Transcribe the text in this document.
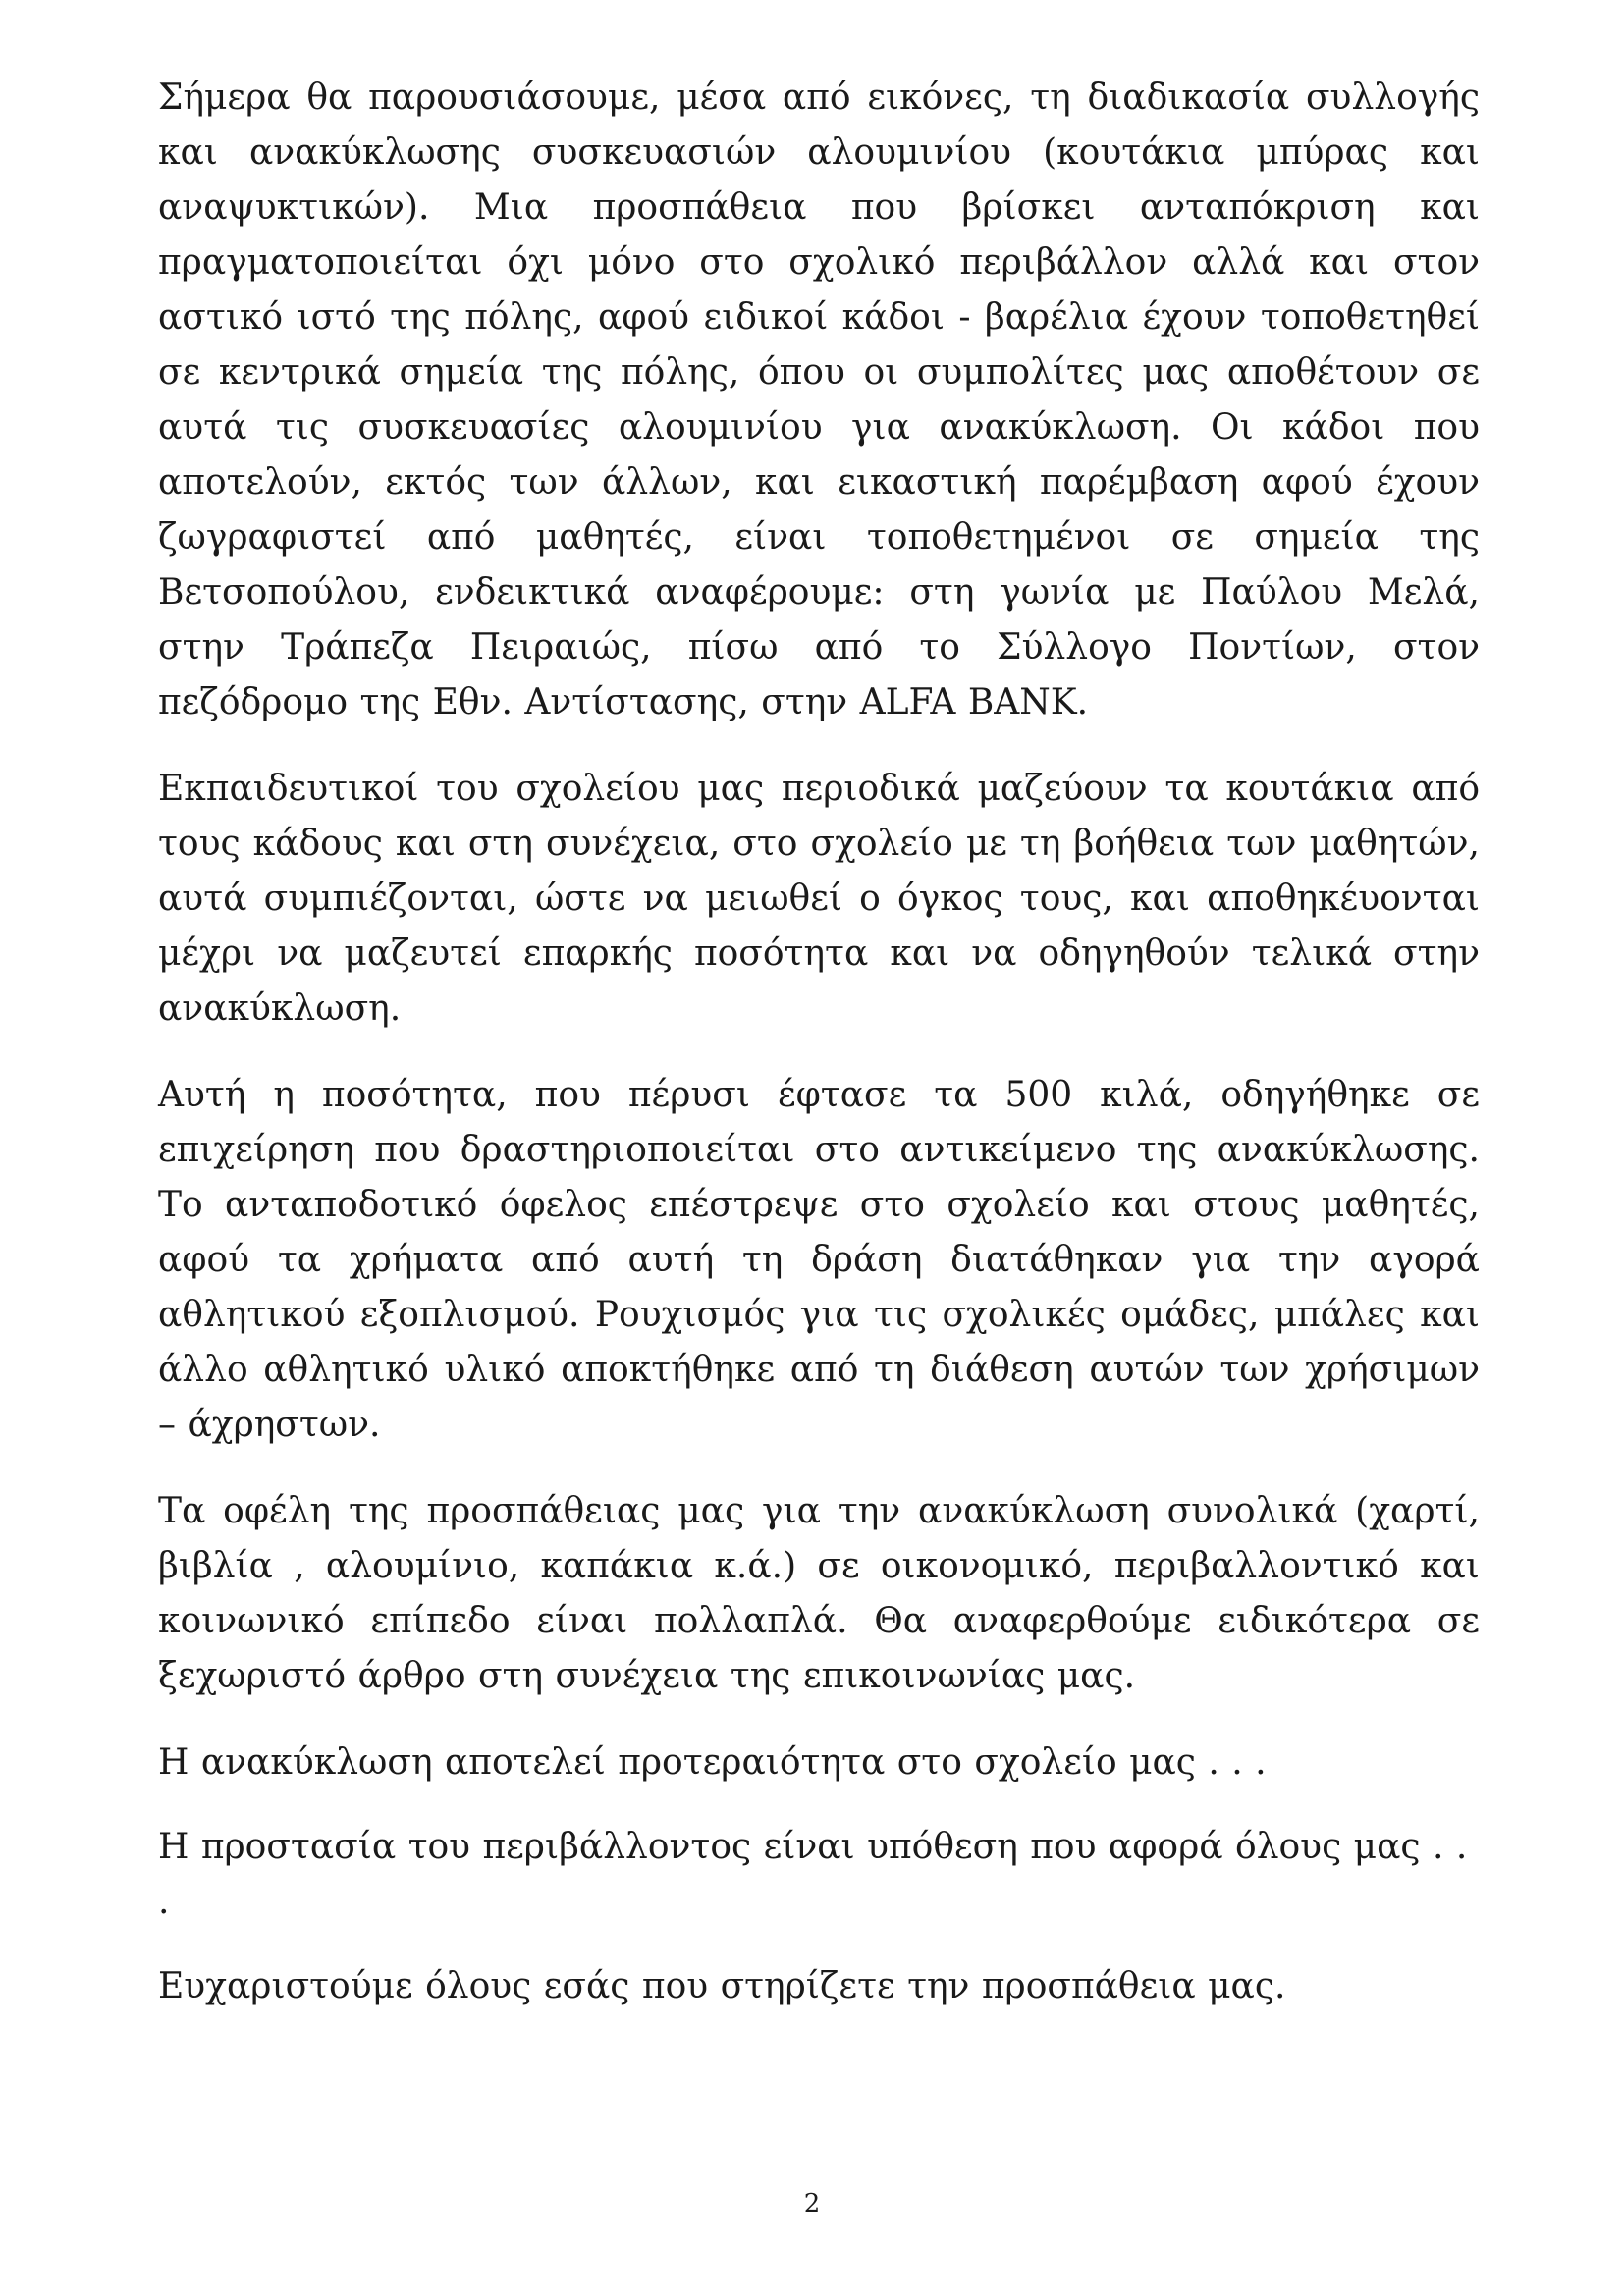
Σήμερα θα παρουσιάσουμε, μέσα από εικόνες, τη διαδικασία συλλογής και ανακύκλωσης συσκευασιών αλουμινίου (κουτάκια μπύρας και αναψυκτικών). Μια προσπάθεια που βρίσκει ανταπόκριση και πραγματοποιείται όχι μόνο στο σχολικό περιβάλλον αλλά και στον αστικό ιστό της πόλης, αφού ειδικοί κάδοι - βαρέλια έχουν τοποθετηθεί σε κεντρικά σημεία της πόλης, όπου οι συμπολίτες μας αποθέτουν σε αυτά τις συσκευασίες αλουμινίου για ανακύκλωση. Οι κάδοι που αποτελούν, εκτός των άλλων, και εικαστική παρέμβαση αφού έχουν ζωγραφιστεί από μαθητές, είναι τοποθετημένοι σε σημεία της Βετσοπούλου, ενδεικτικά αναφέρουμε: στη γωνία με Παύλου Μελά, στην Τράπεζα Πειραιώς, πίσω από το Σύλλογο Ποντίων, στον πεζόδρομο της Εθν. Αντίστασης, στην ALFA BANK.

Εκπαιδευτικοί του σχολείου μας περιοδικά μαζεύουν τα κουτάκια από τους κάδους και στη συνέχεια, στο σχολείο με τη βοήθεια των μαθητών, αυτά συμπιέζονται, ώστε να μειωθεί ο όγκος τους, και αποθηκέυονται μέχρι να μαζευτεί επαρκής ποσότητα και να οδηγηθούν τελικά στην ανακύκλωση.

Αυτή η ποσότητα, που πέρυσι έφτασε τα 500 κιλά, οδηγήθηκε σε επιχείρηση που δραστηριοποιείται στο αντικείμενο της ανακύκλωσης. Το ανταποδοτικό όφελος επέστρεψε στο σχολείο και στους μαθητές, αφού τα χρήματα από αυτή τη δράση διατάθηκαν για την αγορά αθλητικού εξοπλισμού. Ρουχισμός για τις σχολικές ομάδες, μπάλες και άλλο αθλητικό υλικό αποκτήθηκε από τη διάθεση αυτών των χρήσιμων – άχρηστων.

Τα οφέλη της προσπάθειας μας για την ανακύκλωση συνολικά (χαρτί, βιβλία , αλουμίνιο, καπάκια κ.ά.) σε οικονομικό, περιβαλλοντικό και κοινωνικό επίπεδο είναι πολλαπλά. Θα αναφερθούμε ειδικότερα σε ξεχωριστό άρθρο στη συνέχεια της επικοινωνίας μας.

Η ανακύκλωση αποτελεί προτεραιότητα στο σχολείο μας . . .

Η προστασία του περιβάλλοντος είναι υπόθεση που αφορά όλους μας . . .

Ευχαριστούμε όλους εσάς που στηρίζετε την προσπάθεια μας.

2
